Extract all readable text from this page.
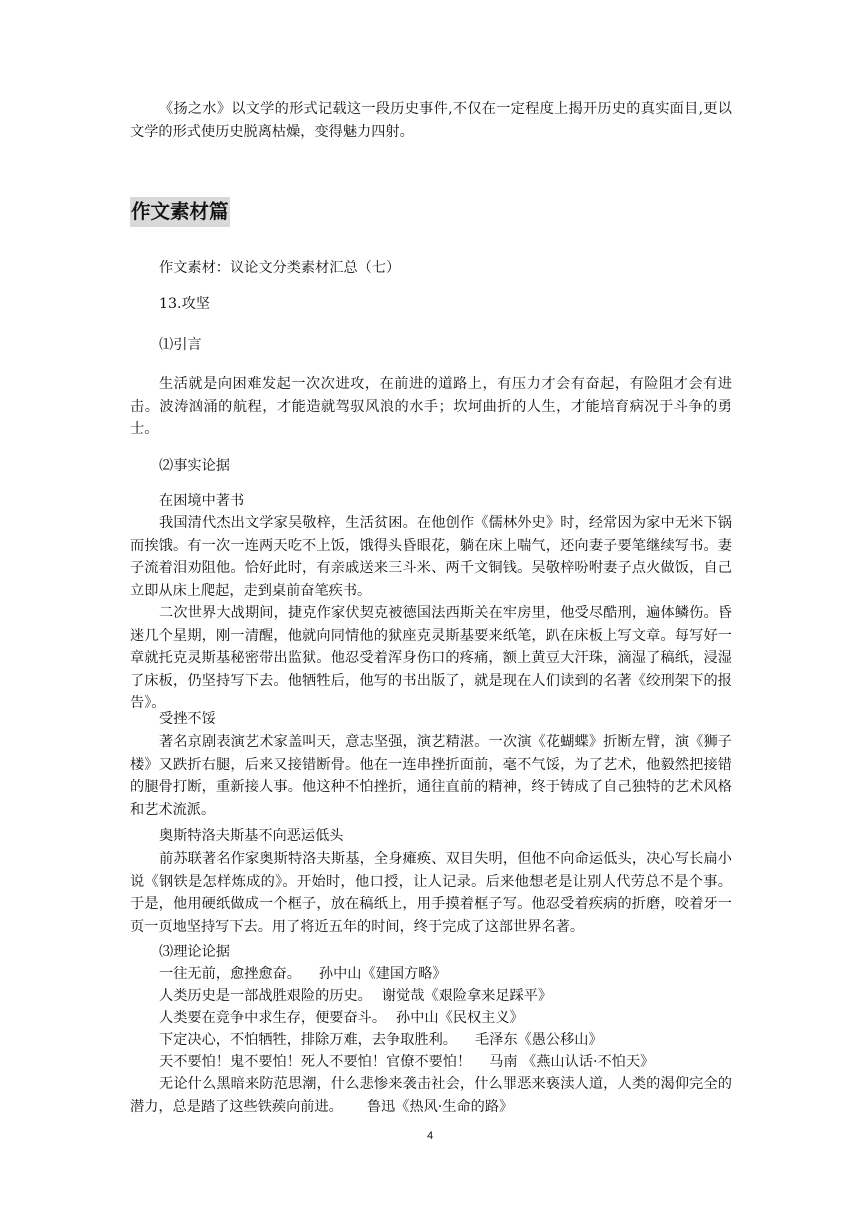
《扬之水》以文学的形式记载这一段历史事件,不仅在一定程度上揭开历史的真实面目,更以文学的形式使历史脱离枯燥，变得魅力四射。

作文素材篇

作文素材：议论文分类素材汇总（七）

13.攻坚

⑴引言

生活就是向困难发起一次次进攻，在前进的道路上，有压力才会有奋起，有险阻才会有进击。波涛汹涌的航程，才能造就驾驭风浪的水手；坎坷曲折的人生，才能培育病况于斗争的勇士。

⑵事实论据

在困境中著书

我国清代杰出文学家吴敬梓，生活贫困。在他创作《儒林外史》时，经常因为家中无米下锅而挨饿。有一次一连两天吃不上饭，饿得头昏眼花，躺在床上喘气，还向妻子要笔继续写书。妻子流着泪劝阻他。恰好此时，有亲戚送来三斗米、两千文铜钱。吴敬梓吩咐妻子点火做饭，自己立即从床上爬起，走到桌前奋笔疾书。

二次世界大战期间，捷克作家伏契克被德国法西斯关在牢房里，他受尽酷刑，遍体鳞伤。昏迷几个星期，刚一清醒，他就向同情他的狱座克灵斯基要来纸笔，趴在床板上写文章。每写好一章就托克灵斯基秘密带出监狱。他忍受着浑身伤口的疼痛，额上黄豆大汗珠，滴湿了稿纸，浸湿了床板，仍坚持写下去。他牺牲后，他写的书出版了，就是现在人们读到的名著《绞刑架下的报告》。

受挫不馁

著名京剧表演艺术家盖叫天，意志坚强，演艺精湛。一次演《花蝴蝶》折断左臂，演《狮子楼》又跌折右腿，后来又接错断骨。他在一连串挫折面前，毫不气馁，为了艺术，他毅然把接错的腿骨打断，重新接人事。他这种不怕挫折，通往直前的精神，终于铸成了自己独特的艺术风格和艺术流派。

奥斯特洛夫斯基不向恶运低头

前苏联著名作家奥斯特洛夫斯基，全身瘫痪、双目失明，但他不向命运低头，决心写长扁小说《钢铁是怎样炼成的》。开始时，他口授，让人记录。后来他想老是让别人代劳总不是个事。于是，他用硬纸做成一个框子，放在稿纸上，用手摸着框子写。他忍受着疾病的折磨，咬着牙一页一页地坚持写下去。用了将近五年的时间，终于完成了这部世界名著。

⑶理论论据

一往无前，愈挫愈奋。 孙中山《建国方略》

人类历史是一部战胜艰险的历史。 谢觉哉《艰险拿来足踩平》

人类要在竞争中求生存，便要奋斗。 孙中山《民权主义》

下定决心，不怕牺牲，排除万难，去争取胜利。 毛泽东《愚公移山》

天不要怕！鬼不要怕！死人不要怕！官僚不要怕！ 马南 《燕山认话·不怕天》

无论什么黑暗来防范思潮，什么悲惨来袭击社会，什么罪恶来亵渎人道，人类的渴仰完全的潜力，总是踏了这些铁蒺向前进。 鲁迅《热风·生命的路》

4
